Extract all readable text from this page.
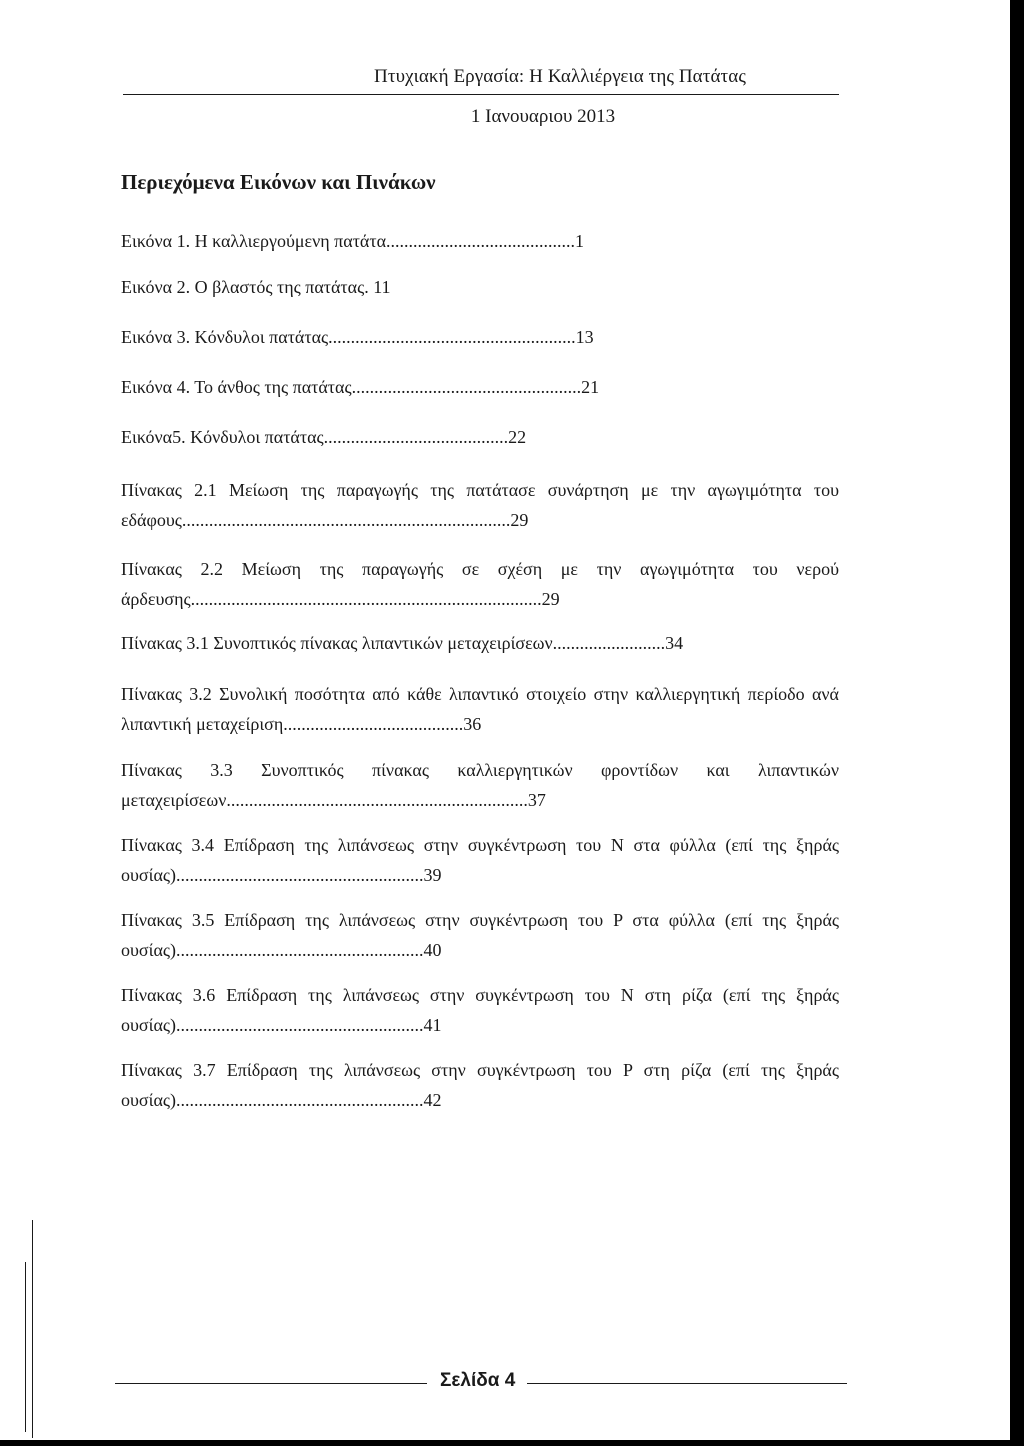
Πτυχιακή Εργασία: Η Καλλιέργεια της Πατάτας
1 Ιανουαριου 2013
Περιεχόμενα Εικόνων και Πινάκων

Εικόνα 1. Η καλλιεργούμενη πατάτα..........................................1

Εικόνα 2. Ο βλαστός της πατάτας. 11

Εικόνα 3. Κόνδυλοι πατάτας.......................................................13

Εικόνα 4. Το άνθος της πατάτας...................................................21

Εικόνα5. Κόνδυλοι πατάτας.........................................22

Πίνακας 2.1 Μείωση της παραγωγής της πατάτασε συνάρτηση με την αγωγιμότητα του εδάφους.........................................................................29

Πίνακας 2.2 Μείωση της παραγωγής σε σχέση με την αγωγιμότητα του νερού άρδευσης..............................................................................29

Πίνακας 3.1 Συνοπτικός πίνακας λιπαντικών μεταχειρίσεων.........................34

Πίνακας 3.2 Συνολική ποσότητα από κάθε λιπαντικό στοιχείο στην καλλιεργητική περίοδο ανά λιπαντική μεταχείριση........................................36

Πίνακας 3.3 Συνοπτικός πίνακας καλλιεργητικών φροντίδων και λιπαντικών μεταχειρίσεων...................................................................37

Πίνακας 3.4 Επίδραση της λιπάνσεως στην συγκέντρωση του N στα φύλλα (επί της ξηράς ουσίας).......................................................39

Πίνακας 3.5 Επίδραση της λιπάνσεως στην συγκέντρωση του P στα φύλλα (επί της ξηράς ουσίας).......................................................40

Πίνακας 3.6 Επίδραση της λιπάνσεως στην συγκέντρωση του N στη ρίζα (επί της ξηράς ουσίας).......................................................41

Πίνακας 3.7 Επίδραση της λιπάνσεως στην συγκέντρωση του P στη ρίζα (επί της ξηράς ουσίας).......................................................42

Σελίδα 4
